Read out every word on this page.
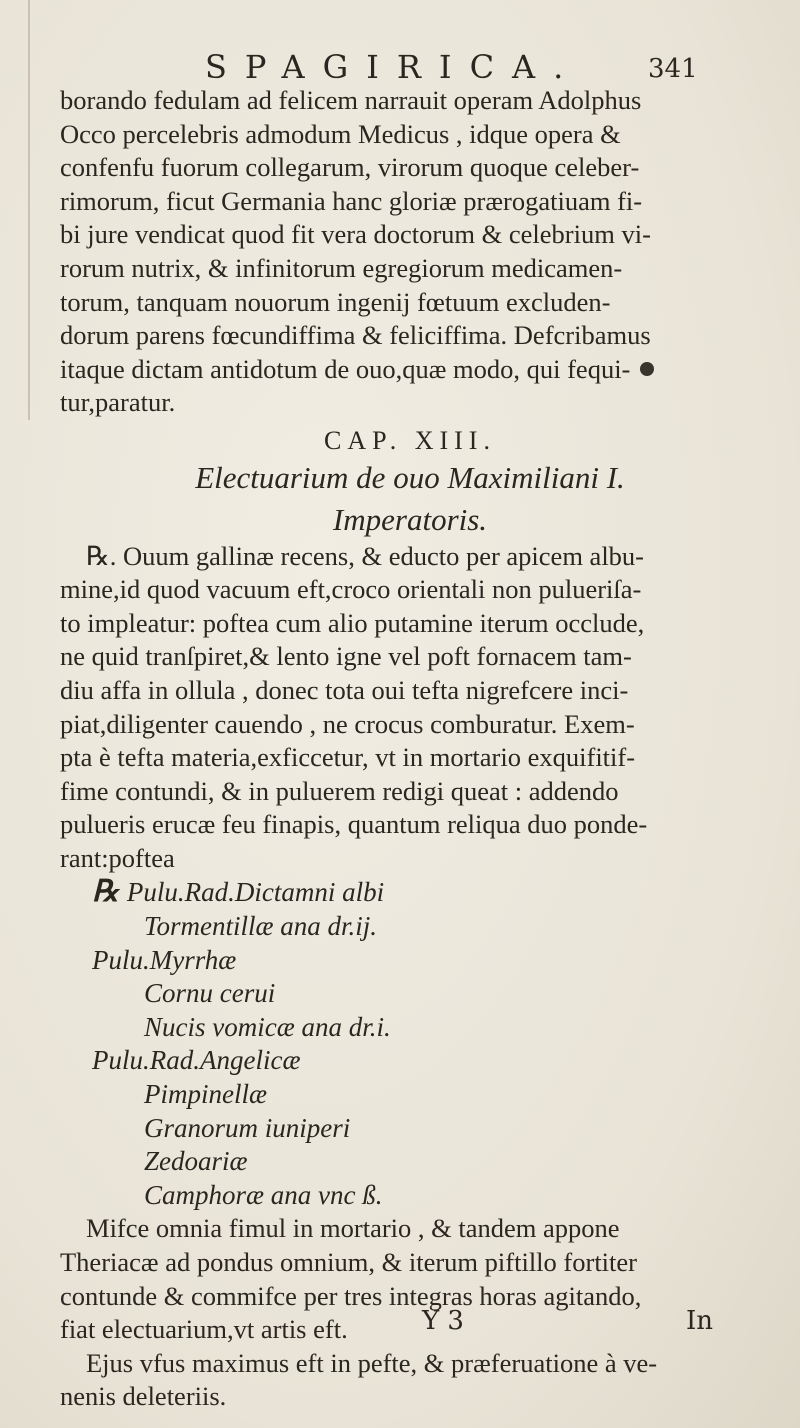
SPAGIRICA.	341
borando fedulam ad felicem narrauit operam Adolphus
Occo percelebris admodum Medicus , idque opera &
confenfu fuorum collegarum, virorum quoque celeber-
rimorum, ficut Germania hanc gloriæ prærogatiuam fi-
bi jure vendicat quod fit vera doctorum & celebrium vi-
rorum nutrix, & infinitorum egregiorum medicamen-
torum, tanquam nouorum ingenij fœtuum excluden-
dorum parens fœcundiffima & feliciffima. Defcribamus
itaque dictam antidotum de ouo,quæ modo, qui fequi-
tur,paratur.
CAP. XIII.
Electuarium de ouo Maximiliani I.
Imperatoris.
℞. Ouum gallinæ recens, & educto per apicem albu-
mine,id quod vacuum eft,croco orientali non pulueriſa-
to impleatur: poftea cum alio putamine iterum occlude,
ne quid tranſpiret,& lento igne vel poft fornacem tam-
diu affa in ollula , donec tota oui tefta nigrefcere inci-
piat,diligenter cauendo , ne crocus comburatur. Exem-
pta è tefta materia,exficcetur, vt in mortario exquifitif-
fime contundi, & in puluerem redigi queat : addendo
pulueris erucæ feu finapis, quantum reliqua duo ponde-
rant:poftea
℞ Pulu.Rad.Dictamni albi
Tormentillæ ana dr.ij.
Pulu.Myrrhæ
Cornu cerui
Nucis vomicæ ana dr.i.
Pulu.Rad.Angelicæ
Pimpinellæ
Granorum iuniperi
Zedoariæ
Camphoræ ana vnc ß.
Mifce omnia fimul in mortario , & tandem appone
Theriacæ ad pondus omnium, & iterum piftillo fortiter
contunde & commifce per tres integras horas agitando,
fiat electuarium,vt artis eft.
Ejus vfus maximus eft in pefte, & præferuatione à ve-
nenis deleteriis.
Y 3	In
